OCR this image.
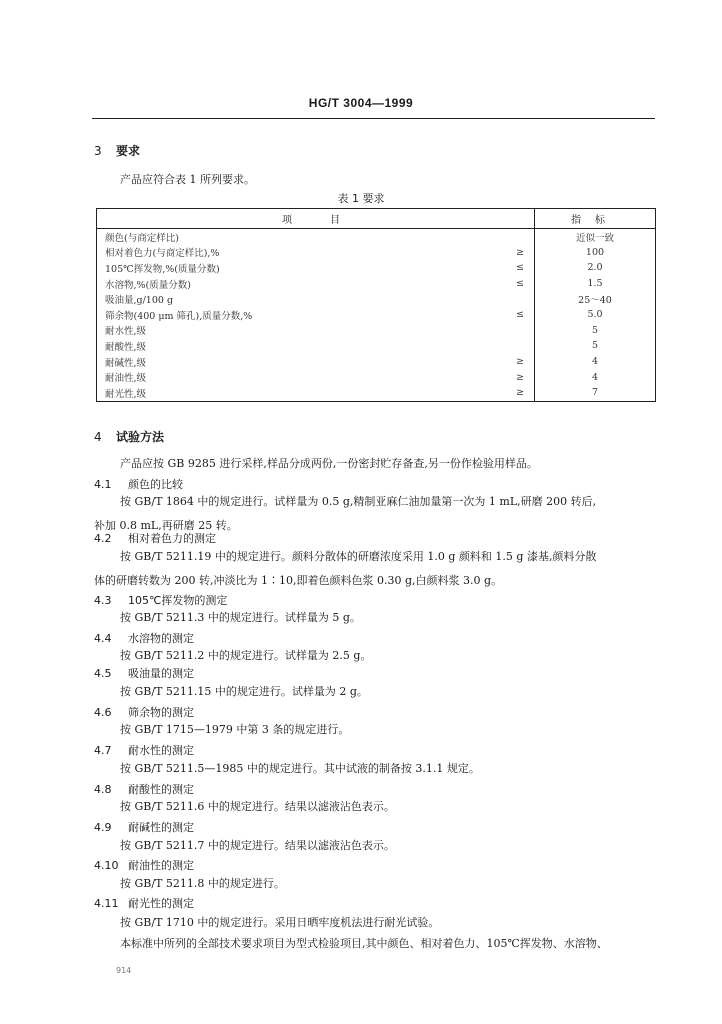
HG/T 3004—1999
3 要求
产品应符合表 1 所列要求。
表 1 要求
项目		指标
颜色(与商定样比)		近似一致
相对着色力(与商定样比),%	≥	100
105℃挥发物,%(质量分数)	≤	2.0
水溶物,%(质量分数)	≤	1.5
吸油量,g/100 g		25～40
筛余物(400 μm 筛孔),质量分数,%	≤	5.0
耐水性,级		5
耐酸性,级		5
耐碱性,级	≥	4
耐油性,级	≥	4
耐光性,级	≥	7
4 试验方法
产品应按 GB 9285 进行采样,样品分成两份,一份密封贮存备查,另一份作检验用样品。
4.1 颜色的比较
按 GB/T 1864 中的规定进行。试样量为 0.5 g,精制亚麻仁油加量第一次为 1 mL,研磨 200 转后,
补加 0.8 mL,再研磨 25 转。
4.2 相对着色力的测定
按 GB/T 5211.19 中的规定进行。颜料分散体的研磨浓度采用 1.0 g 颜料和 1.5 g 漆基,颜料分散
体的研磨转数为 200 转,冲淡比为 1∶10,即着色颜料色浆 0.30 g,白颜料浆 3.0 g。
4.3 105℃挥发物的测定
按 GB/T 5211.3 中的规定进行。试样量为 5 g。
4.4 水溶物的测定
按 GB/T 5211.2 中的规定进行。试样量为 2.5 g。
4.5 吸油量的测定
按 GB/T 5211.15 中的规定进行。试样量为 2 g。
4.6 筛余物的测定
按 GB/T 1715—1979 中第 3 条的规定进行。
4.7 耐水性的测定
按 GB/T 5211.5—1985 中的规定进行。其中试液的制备按 3.1.1 规定。
4.8 耐酸性的测定
按 GB/T 5211.6 中的规定进行。结果以滤液沾色表示。
4.9 耐碱性的测定
按 GB/T 5211.7 中的规定进行。结果以滤液沾色表示。
4.10 耐油性的测定
按 GB/T 5211.8 中的规定进行。
4.11 耐光性的测定
按 GB/T 1710 中的规定进行。采用日晒牢度机法进行耐光试验。
本标准中所列的全部技术要求项目为型式检验项目,其中颜色、相对着色力、105℃挥发物、水溶物、
914
